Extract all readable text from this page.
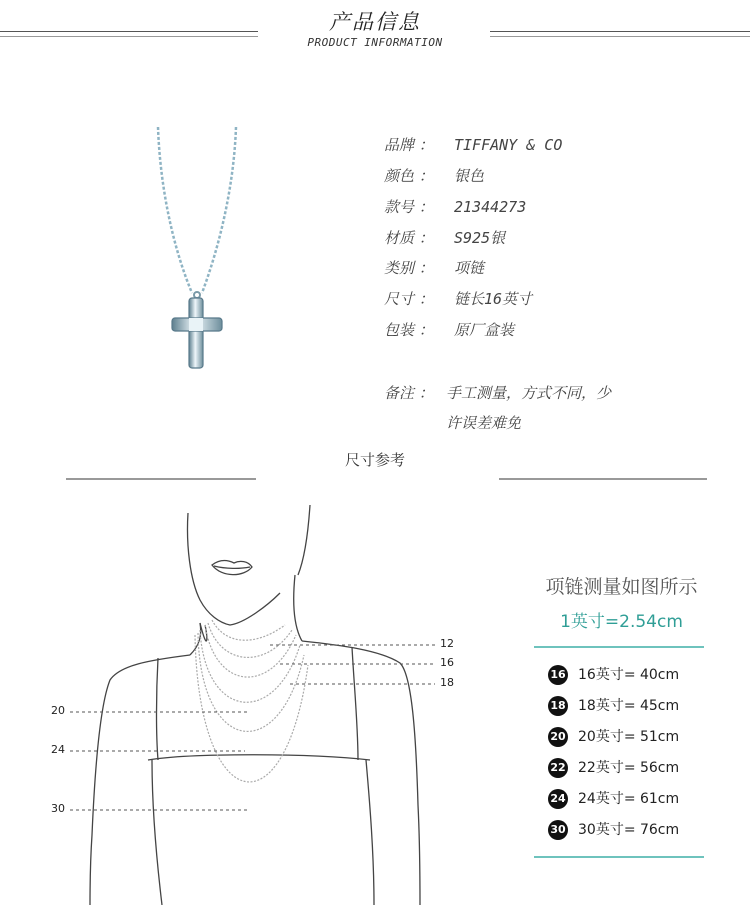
产品信息
PRODUCT INFORMATION
品牌 ： TIFFANY & CO
颜色 ： 银色
款号 ： 21344273
材质 ： S925银
类别 ： 项链
尺寸 ： 链长16英寸
包装 ： 原厂盒装
备注 ： 手工测量，方式不同，少
许误差难免
尺寸参考
12
16
18
20
24
30
项链测量如图所示
1英寸=2.54cm
16 16英寸= 40cm
18 18英寸= 45cm
20 20英寸= 51cm
22 22英寸= 56cm
24 24英寸= 61cm
30 30英寸= 76cm
